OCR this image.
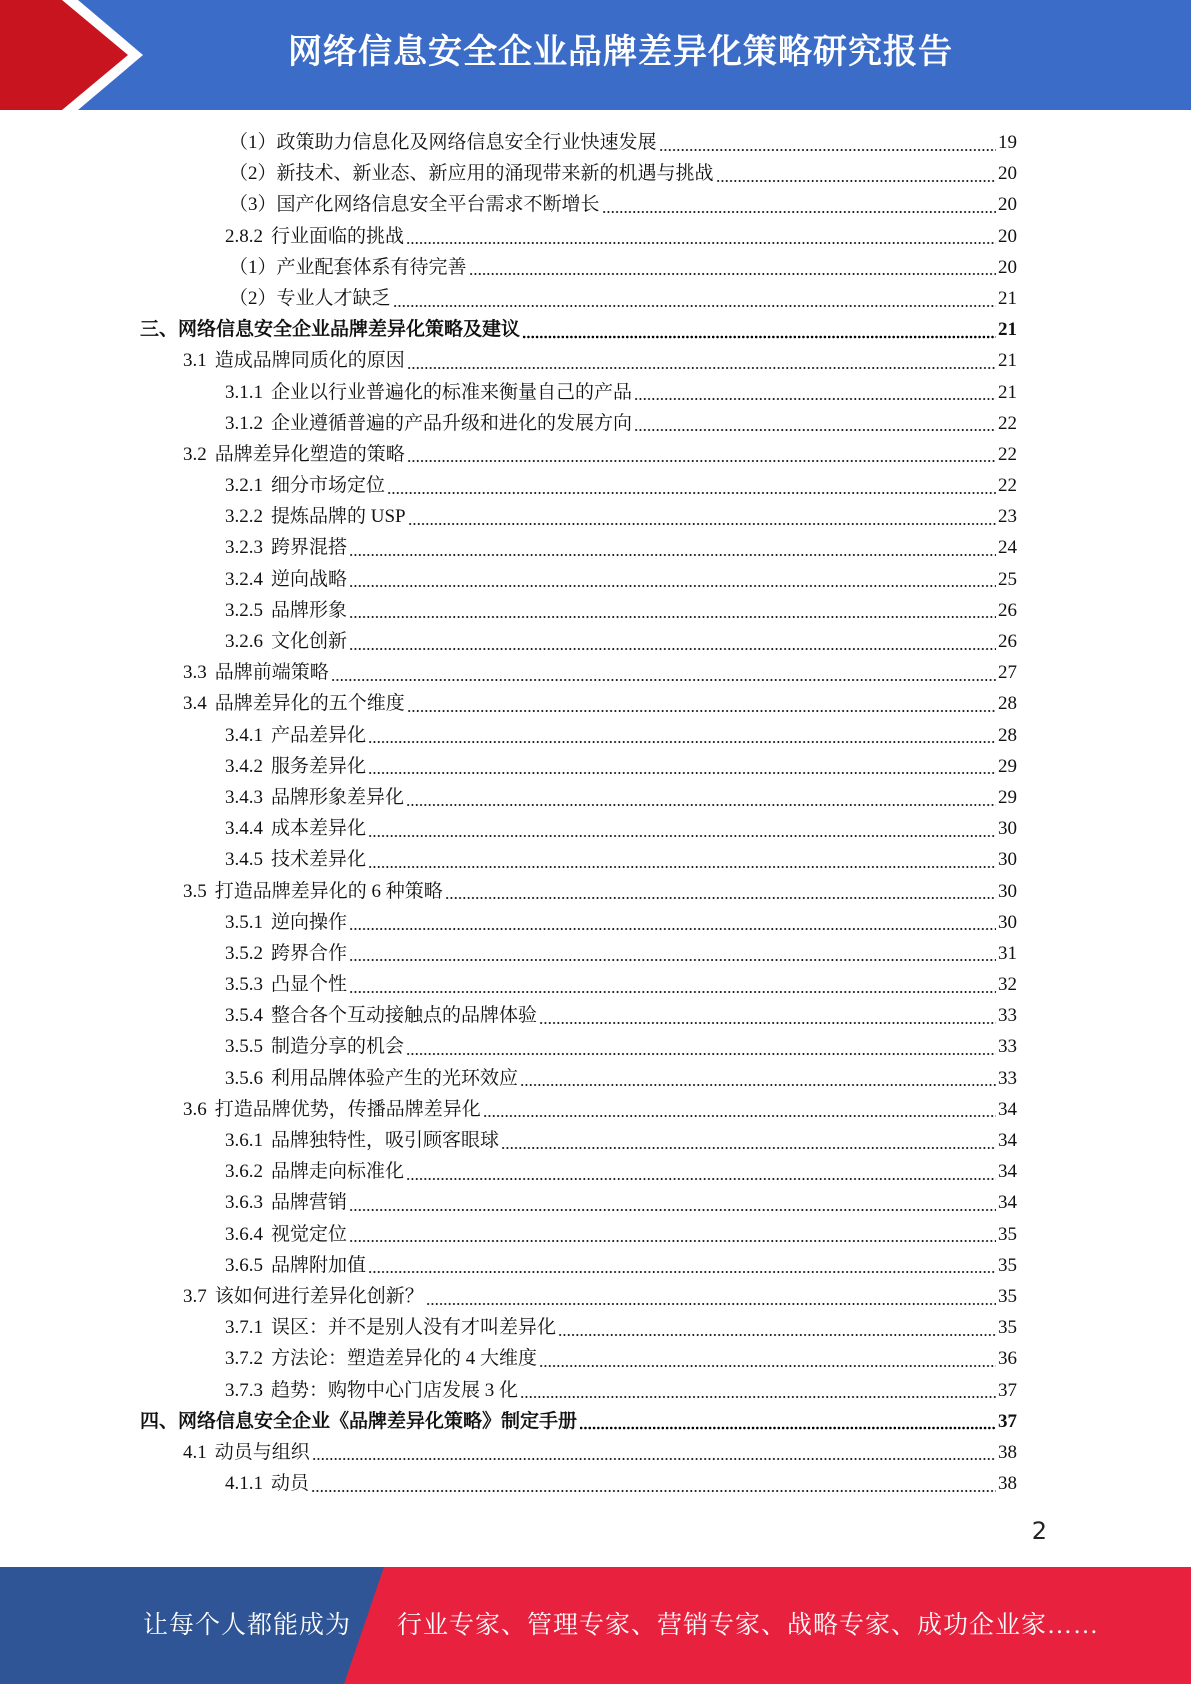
网络信息安全企业品牌差异化策略研究报告
（1）政策助力信息化及网络信息安全行业快速发展	19
（2）新技术、新业态、新应用的涌现带来新的机遇与挑战	20
（3）国产化网络信息安全平台需求不断增长	20
2.8.2 行业面临的挑战	20
（1）产业配套体系有待完善	20
（2）专业人才缺乏	21
三、网络信息安全企业品牌差异化策略及建议	21
3.1 造成品牌同质化的原因	21
3.1.1 企业以行业普遍化的标准来衡量自己的产品	21
3.1.2 企业遵循普遍的产品升级和进化的发展方向	22
3.2 品牌差异化塑造的策略	22
3.2.1 细分市场定位	22
3.2.2 提炼品牌的 USP	23
3.2.3 跨界混搭	24
3.2.4 逆向战略	25
3.2.5 品牌形象	26
3.2.6 文化创新	26
3.3 品牌前端策略	27
3.4 品牌差异化的五个维度	28
3.4.1 产品差异化	28
3.4.2 服务差异化	29
3.4.3 品牌形象差异化	29
3.4.4 成本差异化	30
3.4.5 技术差异化	30
3.5 打造品牌差异化的 6 种策略	30
3.5.1 逆向操作	30
3.5.2 跨界合作	31
3.5.3 凸显个性	32
3.5.4 整合各个互动接触点的品牌体验	33
3.5.5 制造分享的机会	33
3.5.6 利用品牌体验产生的光环效应	33
3.6 打造品牌优势，传播品牌差异化	34
3.6.1 品牌独特性，吸引顾客眼球	34
3.6.2 品牌走向标准化	34
3.6.3 品牌营销	34
3.6.4 视觉定位	35
3.6.5 品牌附加值	35
3.7 该如何进行差异化创新？	35
3.7.1 误区：并不是别人没有才叫差异化	35
3.7.2 方法论：塑造差异化的 4 大维度	36
3.7.3 趋势：购物中心门店发展 3 化	37
四、网络信息安全企业《品牌差异化策略》制定手册	37
4.1 动员与组织	38
4.1.1 动员	38
2
让每个人都能成为 行业专家、管理专家、营销专家、战略专家、成功企业家……
